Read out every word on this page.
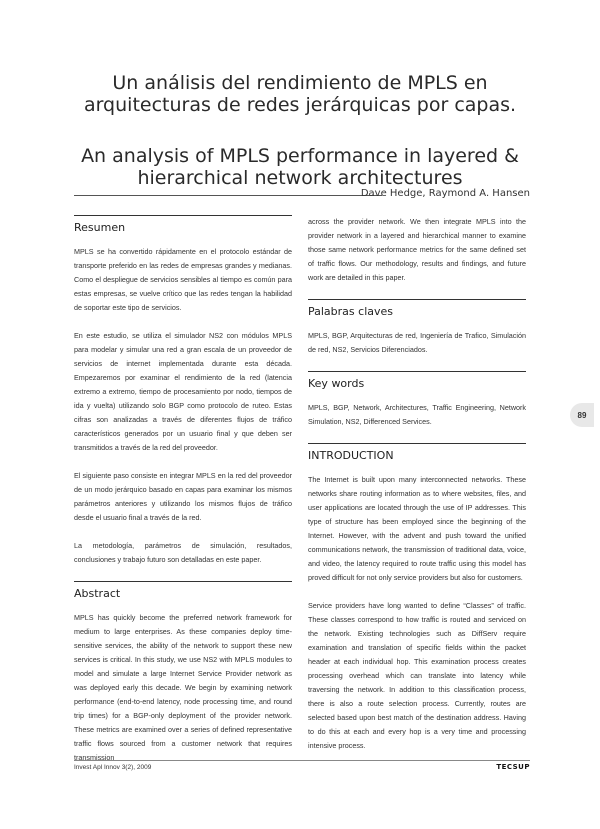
Un análisis del rendimiento de MPLS en
arquitecturas de redes jerárquicas por capas.
An analysis of MPLS performance in layered &
hierarchical network architectures
Dave Hedge, Raymond A. Hansen
Resumen

MPLS se ha convertido rápidamente en el protocolo estándar de transporte preferido en las redes de empresas grandes y medianas. Como el despliegue de servicios sensibles al tiempo es común para estas empresas, se vuelve crítico que las redes tengan la habilidad de soportar este tipo de servicios.

En este estudio, se utiliza el simulador NS2 con módulos MPLS para modelar y simular una red a gran escala de un proveedor de servicios de internet implementada durante esta década. Empezaremos por examinar el rendimiento de la red (latencia extremo a extremo, tiempo de procesamiento por nodo, tiempos de ida y vuelta) utilizando solo BGP como protocolo de ruteo. Estas cifras son analizadas a través de diferentes flujos de tráfico característicos generados por un usuario final y que deben ser transmitidos a través de la red del proveedor.

El siguiente paso consiste en integrar MPLS en la red del proveedor de un modo jerárquico basado en capas para examinar los mismos parámetros anteriores y utilizando los mismos flujos de tráfico desde el usuario final a través de la red.

La metodología, parámetros de simulación, resultados, conclusiones y trabajo futuro son detalladas en este paper.

Abstract

MPLS has quickly become the preferred network framework for medium to large enterprises. As these companies deploy time-sensitive services, the ability of the network to support these new services is critical. In this study, we use NS2 with MPLS modules to model and simulate a large Internet Service Provider network as was deployed early this decade. We begin by examining network performance (end-to-end latency, node processing time, and round trip times) for a BGP-only deployment of the provider network. These metrics are examined over a series of defined representative traffic flows sourced from a customer network that requires transmission

across the provider network. We then integrate MPLS into the provider network in a layered and hierarchical manner to examine those same network performance metrics for the same defined set of traffic flows. Our methodology, results and findings, and future work are detailed in this paper.

Palabras claves

MPLS, BGP, Arquitecturas de red, Ingeniería de Trafico, Simulación de red, NS2, Servicios Diferenciados.

Key words

MPLS, BGP, Network, Architectures, Traffic Engineering, Network Simulation, NS2, Differenced Services.

INTRODUCTION

The Internet is built upon many interconnected networks. These networks share routing information as to where websites, files, and user applications are located through the use of IP addresses. This type of structure has been employed since the beginning of the Internet. However, with the advent and push toward the unified communications network, the transmission of traditional data, voice, and video, the latency required to route traffic using this model has proved difficult for not only service providers but also for customers.

Service providers have long wanted to define “Classes” of traffic. These classes correspond to how traffic is routed and serviced on the network. Existing technologies such as DiffServ require examination and translation of specific fields within the packet header at each individual hop. This examination process creates processing overhead which can translate into latency while traversing the network. In addition to this classification process, there is also a route selection process. Currently, routes are selected based upon best match of the destination address. Having to do this at each and every hop is a very time and processing intensive process.

89
Invest Apl Innov 3(2), 2009	TECSUP
